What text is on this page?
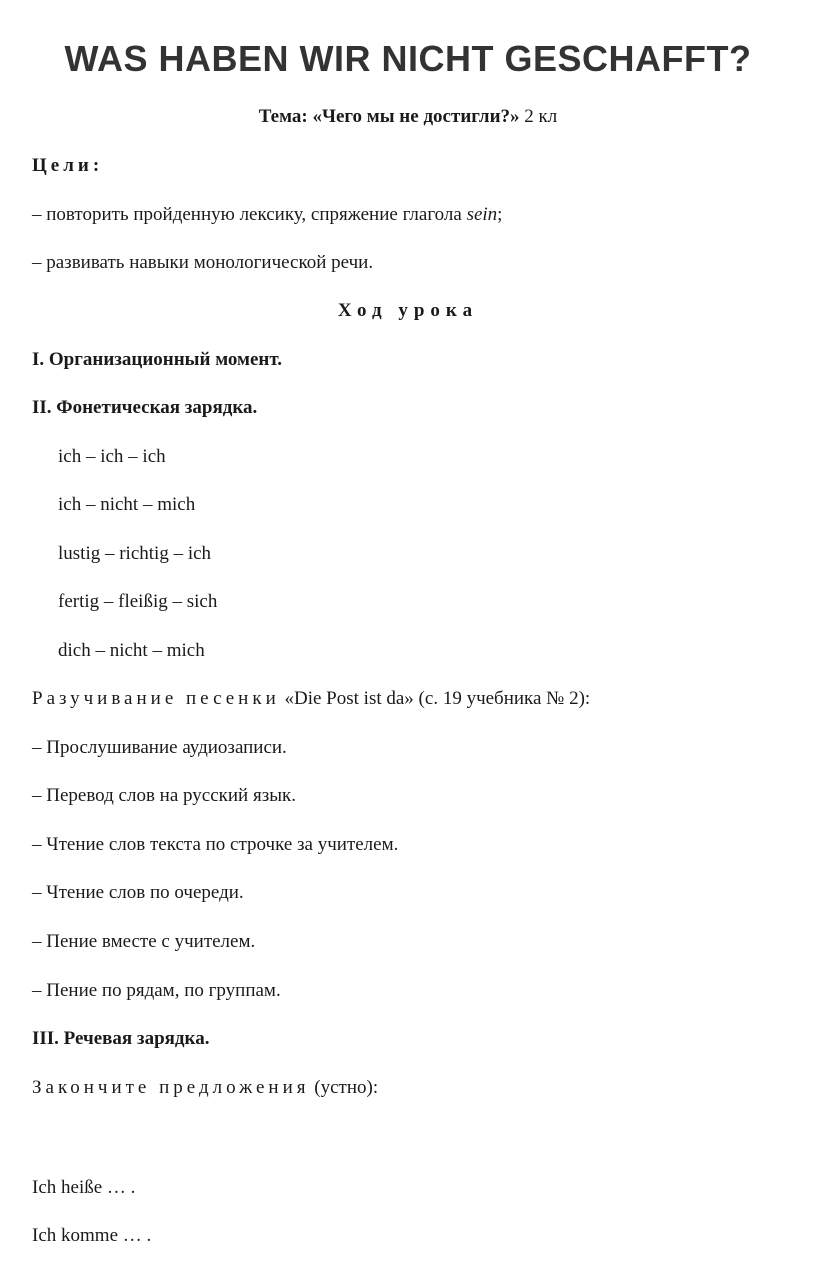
WAS HABEN WIR NICHT GESCHAFFT?
Тема: «Чего мы не достигли?» 2 кл
Цели:
– повторить пройденную лексику, спряжение глагола sein;
– развивать навыки монологической речи.
Ход урока
I. Организационный момент.
II. Фонетическая зарядка.
ich – ich – ich
ich – nicht – mich
lustig – richtig – ich
fertig – fleißig – sich
dich – nicht – mich
Разучивание песенки «Die Post ist da» (с. 19 учебника № 2):
– Прослушивание аудиозаписи.
– Перевод слов на русский язык.
– Чтение слов текста по строчке за учителем.
– Чтение слов по очереди.
– Пение вместе с учителем.
– Пение по рядам, по группам.
III. Речевая зарядка.
Закончите предложения (устно):
Ich heiße … .
Ich komme … .
